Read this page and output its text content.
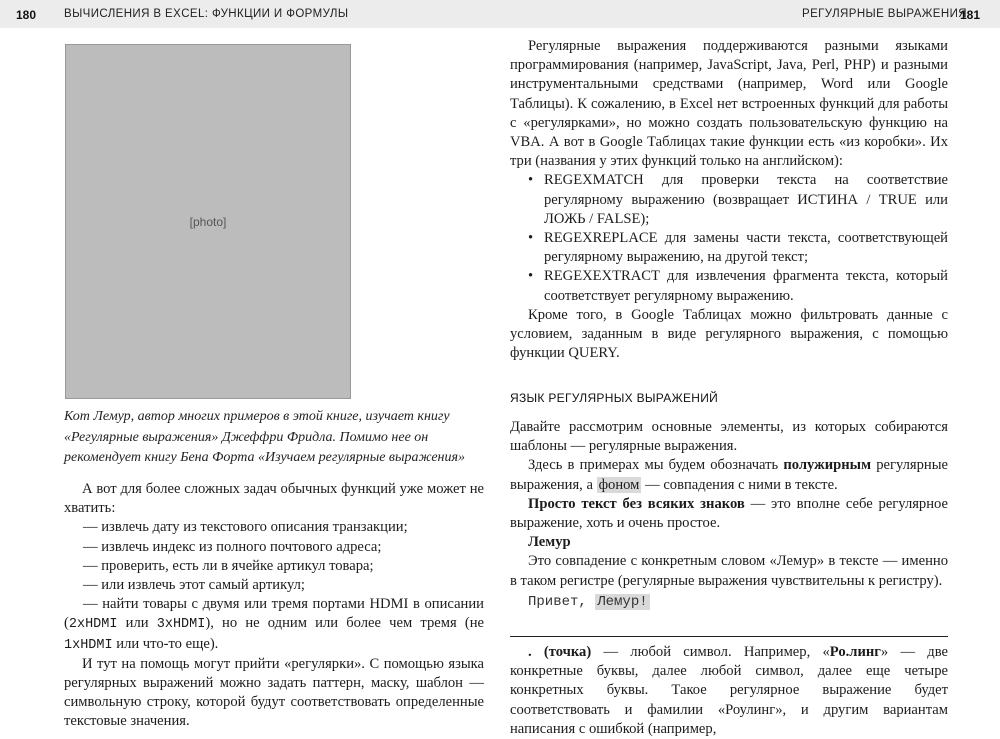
180 ВЫЧИСЛЕНИЯ В EXCEL: ФУНКЦИИ И ФОРМУЛЫ	РЕГУЛЯРНЫЕ ВЫРАЖЕНИЯ
181
[photo]
Кот Лемур, автор многих примеров в этой книге, изучает книгу «Регулярные выражения» Джеффри Фридла. Помимо нее он рекомендует книгу Бена Форта «Изучаем регулярные выражения»

А вот для более сложных задач обычных функций уже может не хватить:

— извлечь дату из текстового описания транзакции;

— извлечь индекс из полного почтового адреса;

— проверить, есть ли в ячейке артикул товара;

— или извлечь этот самый артикул;

— найти товары с двумя или тремя портами HDMI в описании (2xHDMI или 3xHDMI), но не одним или более чем тремя (не 1xHDMI или что-то еще).

И тут на помощь могут прийти «регулярки». С помощью языка регулярных выражений можно задать паттерн, маску, шаблон — символьную строку, которой будут соответствовать определенные текстовые значения.

Регулярные выражения поддерживаются разными языками программирования (например, JavaScript, Java, Perl, PHP) и разными инструментальными средствами (например, Word или Google Таблицы). К сожалению, в Excel нет встроенных функций для работы с «регулярками», но можно создать пользовательскую функцию на VBA. А вот в Google Таблицах такие функции есть «из коробки». Их три (названия у этих функций только на английском):

• REGEXMATCH для проверки текста на соответствие регулярному выражению (возвращает ИСТИНА / TRUE или ЛОЖЬ / FALSE);

• REGEXREPLACE для замены части текста, соответствующей регулярному выражению, на другой текст;

• REGEXEXTRACT для извлечения фрагмента текста, который соответствует регулярному выражению.

Кроме того, в Google Таблицах можно фильтровать данные с условием, заданным в виде регулярного выражения, с помощью функции QUERY.

ЯЗЫК РЕГУЛЯРНЫХ ВЫРАЖЕНИЙ

Давайте рассмотрим основные элементы, из которых собираются шаблоны — регулярные выражения.

Здесь в примерах мы будем обозначать полужирным регулярные выражения, а фоном — совпадения с ними в тексте.

Просто текст без всяких знаков — это вполне себе регулярное выражение, хоть и очень простое.

Лемур

Это совпадение с конкретным словом «Лемур» в тексте — именно в таком регистре (регулярные выражения чувствительны к регистру).

Привет, Лемур!

. (точка) — любой символ. Например, «Ро.линг» — две конкретные буквы, далее любой символ, далее еще четыре конкретных буквы. Такое регулярное выражение будет соответствовать и фамилии «Роулинг», и другим вариантам написания с ошибкой (например,
